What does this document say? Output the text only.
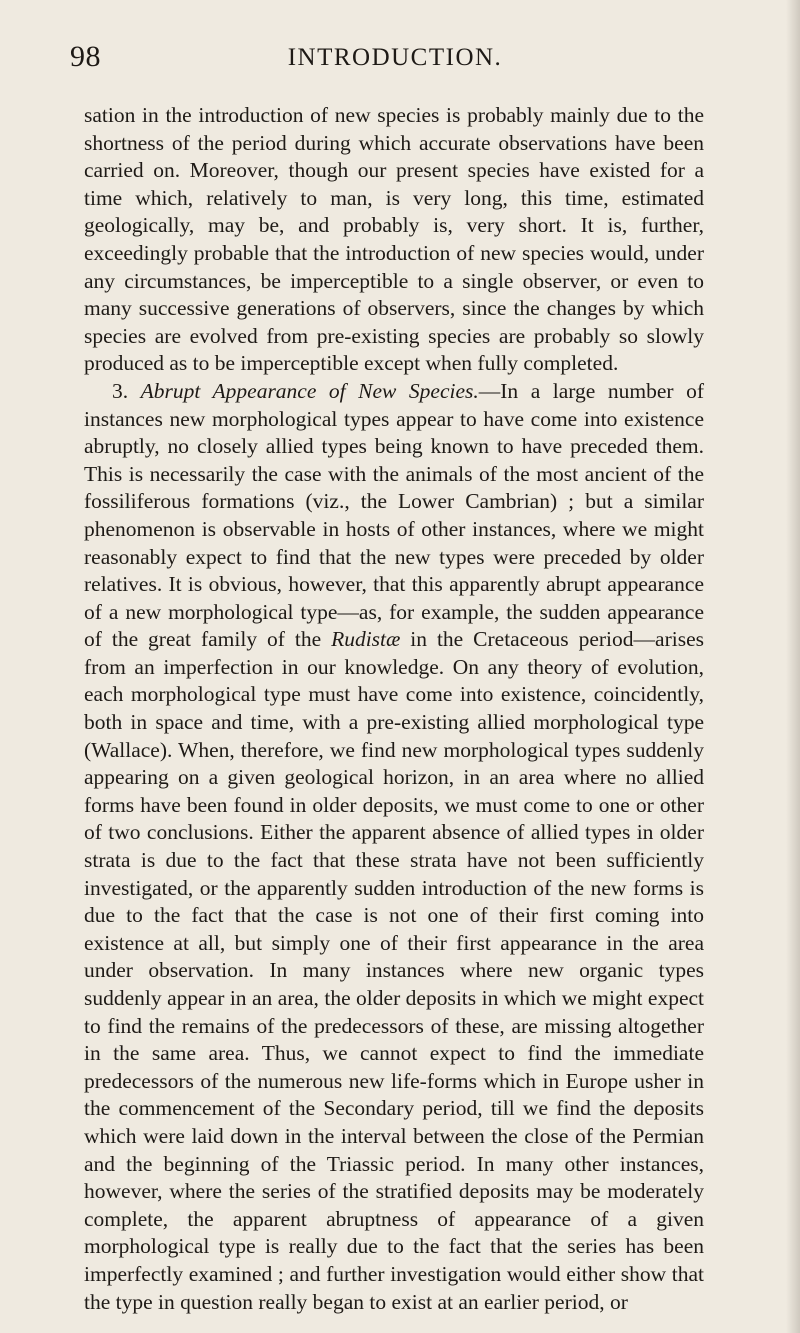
98	INTRODUCTION.

sation in the introduction of new species is probably mainly due to the shortness of the period during which accurate observations have been carried on. Moreover, though our present species have existed for a time which, relatively to man, is very long, this time, estimated geologically, may be, and probably is, very short. It is, further, exceedingly probable that the introduction of new species would, under any circumstances, be imperceptible to a single observer, or even to many successive generations of observers, since the changes by which species are evolved from pre-existing species are probably so slowly produced as to be imperceptible except when fully completed.

3. Abrupt Appearance of New Species.—In a large number of instances new morphological types appear to have come into existence abruptly, no closely allied types being known to have preceded them. This is necessarily the case with the animals of the most ancient of the fossiliferous formations (viz., the Lower Cambrian) ; but a similar phenomenon is observable in hosts of other instances, where we might reasonably expect to find that the new types were preceded by older relatives. It is obvious, however, that this apparently abrupt appearance of a new morphological type—as, for example, the sudden appearance of the great family of the Rudistæ in the Cretaceous period—arises from an imperfection in our knowledge. On any theory of evolution, each morphological type must have come into existence, coincidently, both in space and time, with a pre-existing allied morphological type (Wallace). When, therefore, we find new morphological types suddenly appearing on a given geological horizon, in an area where no allied forms have been found in older deposits, we must come to one or other of two conclusions. Either the apparent absence of allied types in older strata is due to the fact that these strata have not been sufficiently investigated, or the apparently sudden introduction of the new forms is due to the fact that the case is not one of their first coming into existence at all, but simply one of their first appearance in the area under observation. In many instances where new organic types suddenly appear in an area, the older deposits in which we might expect to find the remains of the predecessors of these, are missing altogether in the same area. Thus, we cannot expect to find the immediate predecessors of the numerous new life-forms which in Europe usher in the commencement of the Secondary period, till we find the deposits which were laid down in the interval between the close of the Permian and the beginning of the Triassic period. In many other instances, however, where the series of the stratified deposits may be moderately complete, the apparent abruptness of appearance of a given morphological type is really due to the fact that the series has been imperfectly examined ; and further investigation would either show that the type in question really began to exist at an earlier period, or
